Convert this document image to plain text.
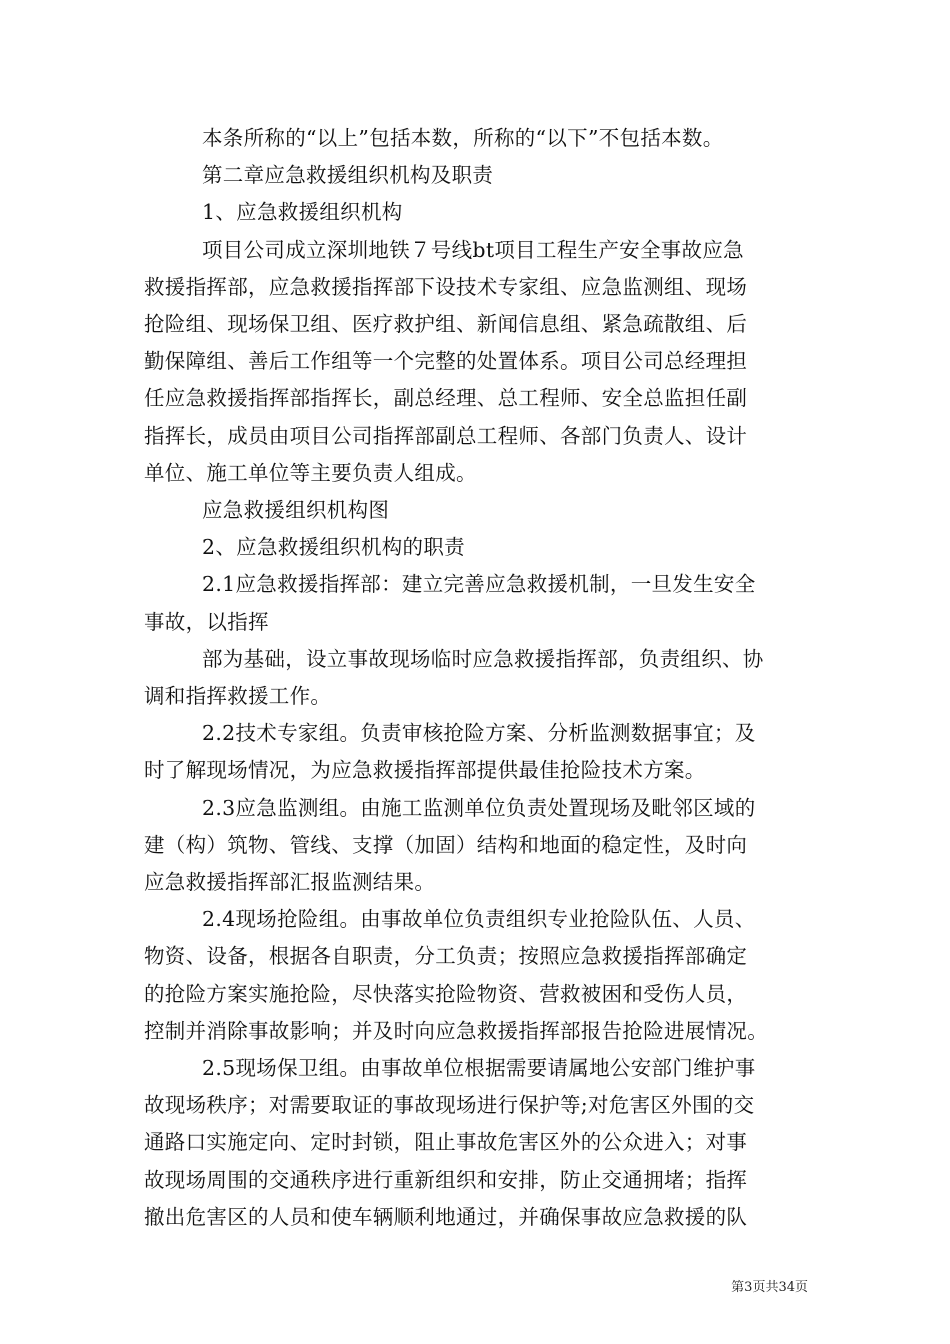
本条所称的“以上”包括本数，所称的“以下”不包括本数。

第二章应急救援组织机构及职责

1、应急救援组织机构

项目公司成立深圳地铁７号线bt项目工程生产安全事故应急

救援指挥部，应急救援指挥部下设技术专家组、应急监测组、现场

抢险组、现场保卫组、医疗救护组、新闻信息组、紧急疏散组、后

勤保障组、善后工作组等一个完整的处置体系。项目公司总经理担

任应急救援指挥部指挥长，副总经理、总工程师、安全总监担任副

指挥长，成员由项目公司指挥部副总工程师、各部门负责人、设计

单位、施工单位等主要负责人组成。

应急救援组织机构图

2、应急救援组织机构的职责

2.1应急救援指挥部：建立完善应急救援机制，一旦发生安全

事故，以指挥

部为基础，设立事故现场临时应急救援指挥部，负责组织、协

调和指挥救援工作。

2.2技术专家组。负责审核抢险方案、分析监测数据事宜；及

时了解现场情况，为应急救援指挥部提供最佳抢险技术方案。

2.3应急监测组。由施工监测单位负责处置现场及毗邻区域的

建（构）筑物、管线、支撑（加固）结构和地面的稳定性，及时向

应急救援指挥部汇报监测结果。

2.4现场抢险组。由事故单位负责组织专业抢险队伍、人员、

物资、设备，根据各自职责，分工负责；按照应急救援指挥部确定

的抢险方案实施抢险，尽快落实抢险物资、营救被困和受伤人员，

控制并消除事故影响；并及时向应急救援指挥部报告抢险进展情况。

2.5现场保卫组。由事故单位根据需要请属地公安部门维护事

故现场秩序；对需要取证的事故现场进行保护等;对危害区外围的交

通路口实施定向、定时封锁，阻止事故危害区外的公众进入；对事

故现场周围的交通秩序进行重新组织和安排，防止交通拥堵；指挥

撤出危害区的人员和使车辆顺利地通过，并确保事故应急救援的队

第3页共34页
